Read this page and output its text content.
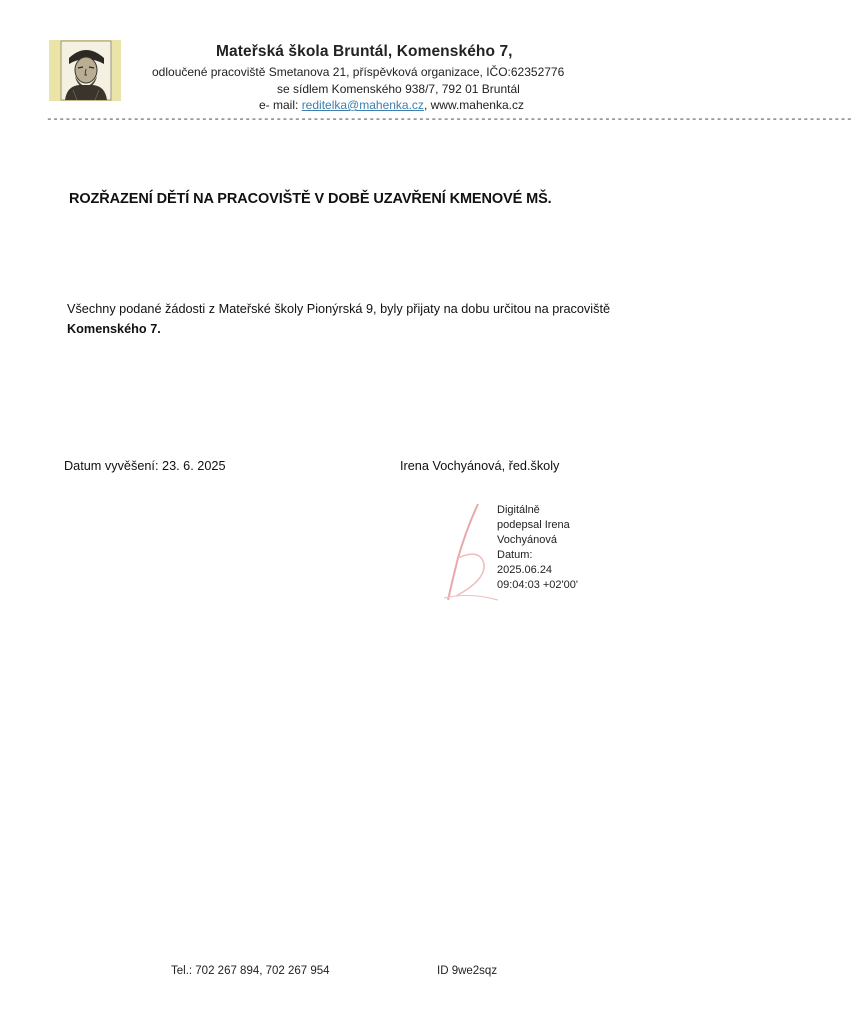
Mateřská škola Bruntál, Komenského 7,
odloučené pracoviště Smetanova 21, příspěvková organizace, IČO:62352776
se sídlem Komenského 938/7, 792 01 Bruntál
e- mail: reditelka@mahenka.cz, www.mahenka.cz
----------------------------------------------------------------------------------------------------------------------------------
ROZŘAZENÍ DĚTÍ NA PRACOVIŠTĚ V DOBĚ UZAVŘENÍ KMENOVÉ MŠ.
Všechny podané žádosti z Mateřské školy Pionýrská 9, byly přijaty na dobu určitou na pracoviště Komenského 7.
Datum vyvěšení: 23. 6. 2025	Irena Vochyánová, řed.školy
Digitálně
podepsal Irena
Vochyánová
Datum:
2025.06.24
09:04:03 +02'00'
Tel.: 702 267 894, 702 267 954	ID 9we2sqz
